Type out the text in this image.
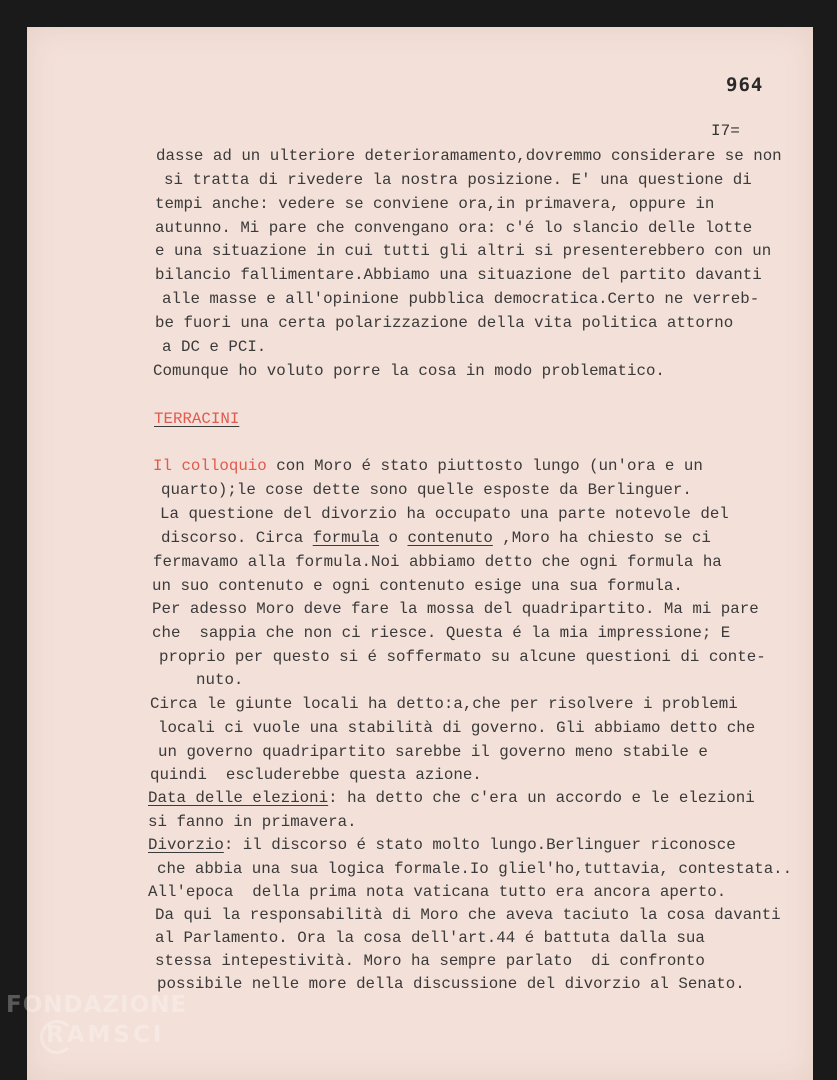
964
I7=
dasse ad un ulteriore deterioramamento,dovremmo considerare se non
si tratta di rivedere la nostra posizione. E' una questione di
tempi anche: vedere se conviene ora,in primavera, oppure in
autunno. Mi pare che convengano ora: c'é lo slancio delle lotte
e una situazione in cui tutti gli altri si presenterebbero con un
bilancio fallimentare.Abbiamo una situazione del partito davanti
alle masse e all'opinione pubblica democratica.Certo ne verreb-
be fuori una certa polarizzazione della vita politica attorno
a DC e PCI.
Comunque ho voluto porre la cosa in modo problematico.
TERRACINI
Il colloquio con Moro é stato piuttosto lungo (un'ora e un
quarto);le cose dette sono quelle esposte da Berlinguer.
La questione del divorzio ha occupato una parte notevole del
discorso. Circa formula o contenuto ,Moro ha chiesto se ci
fermavamo alla formula.Noi abbiamo detto che ogni formula ha
un suo contenuto e ogni contenuto esige una sua formula.
Per adesso Moro deve fare la mossa del quadripartito. Ma mi pare
che  sappia che non ci riesce. Questa é la mia impressione; E
proprio per questo si é soffermato su alcune questioni di conte-
nuto.
Circa le giunte locali ha detto:a,che per risolvere i problemi
locali ci vuole una stabilità di governo. Gli abbiamo detto che
un governo quadripartito sarebbe il governo meno stabile e
quindi  escluderebbe questa azione.
Data delle elezioni: ha detto che c'era un accordo e le elezioni
si fanno in primavera.
Divorzio: il discorso é stato molto lungo.Berlinguer riconosce
che abbia una sua logica formale.Io gliel'ho,tuttavia, contestata..
All'epoca  della prima nota vaticana tutto era ancora aperto.
Da qui la responsabilità di Moro che aveva taciuto la cosa davanti
al Parlamento. Ora la cosa dell'art.44 é battuta dalla sua
stessa intepestività. Moro ha sempre parlato  di confronto
possibile nelle more della discussione del divorzio al Senato.
FONDAZIONE
RAMSCI
